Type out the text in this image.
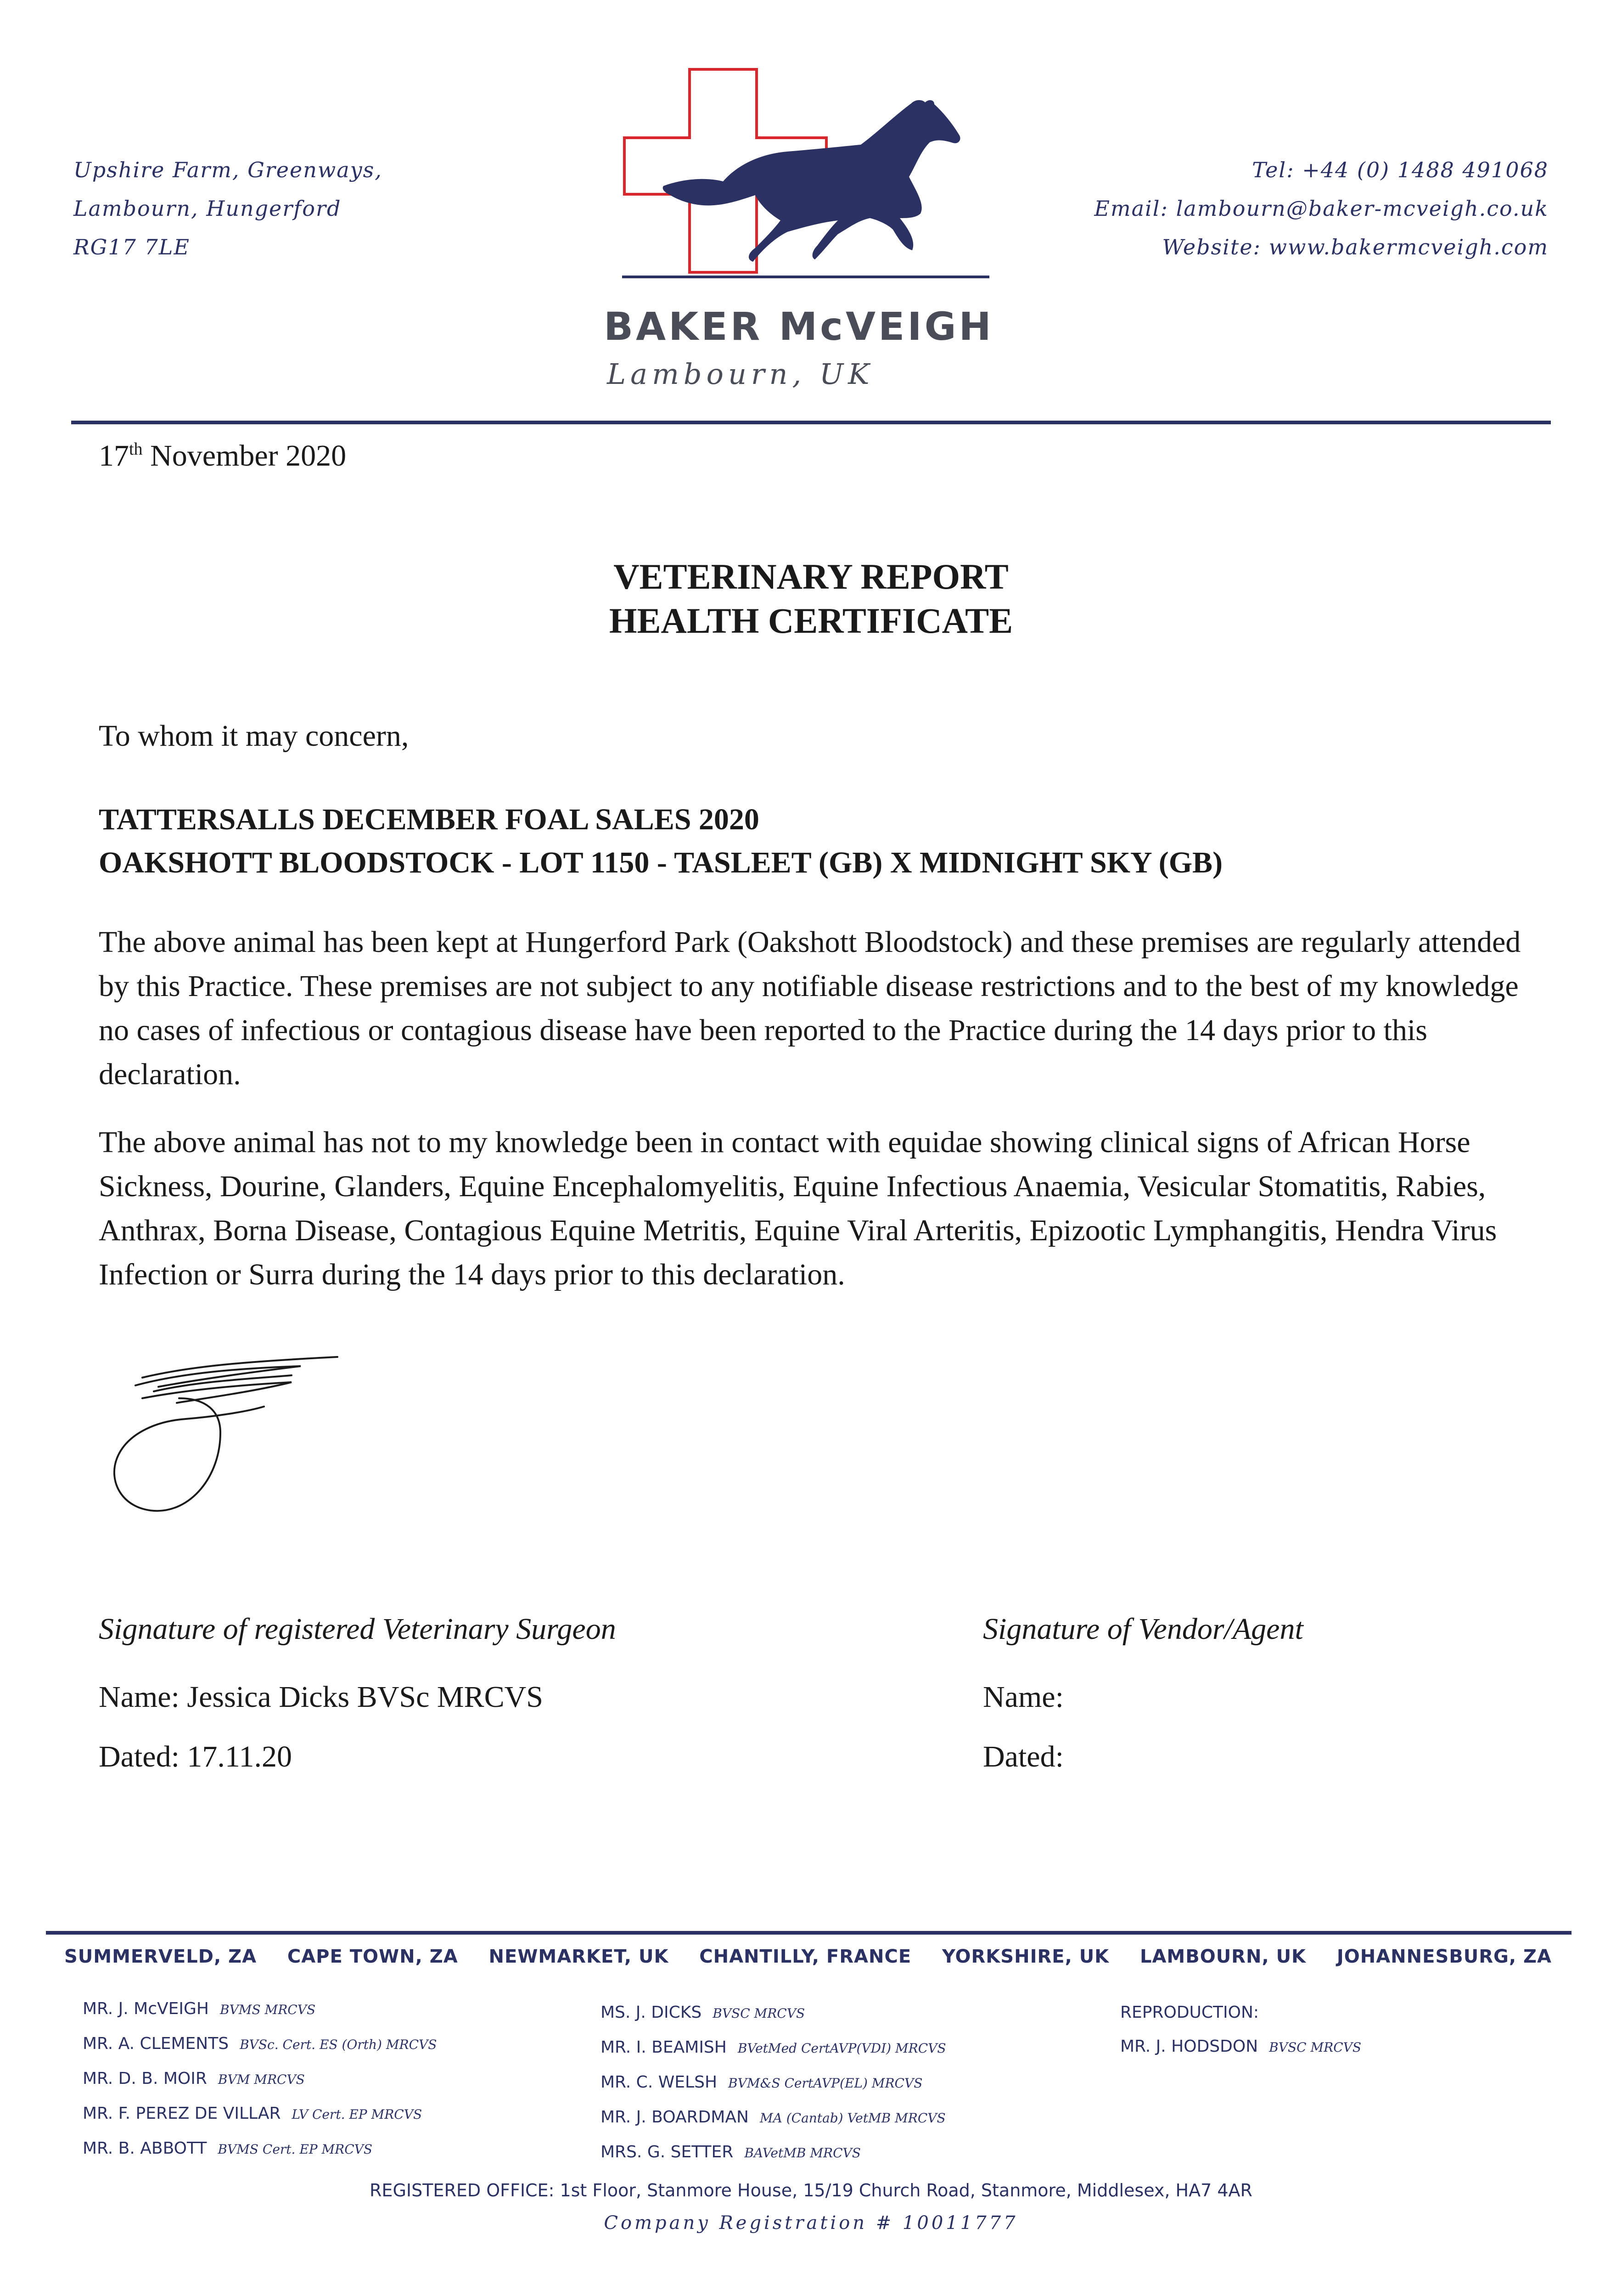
Upshire Farm, Greenways,
Lambourn, Hungerford
RG17 7LE
BAKER McVEIGH
Lambourn, UK
Tel: +44 (0) 1488 491068
Email: lambourn@baker-mcveigh.co.uk
Website: www.bakermcveigh.com
17th November 2020
VETERINARY REPORT
HEALTH CERTIFICATE
To whom it may concern,
TATTERSALLS DECEMBER FOAL SALES 2020
OAKSHOTT BLOODSTOCK - LOT 1150 - TASLEET (GB) X MIDNIGHT SKY (GB)
The above animal has been kept at Hungerford Park (Oakshott Bloodstock) and these premises are regularly attended by this Practice. These premises are not subject to any notifiable disease restrictions and to the best of my knowledge no cases of infectious or contagious disease have been reported to the Practice during the 14 days prior to this declaration.
The above animal has not to my knowledge been in contact with equidae showing clinical signs of African Horse Sickness, Dourine, Glanders, Equine Encephalomyelitis, Equine Infectious Anaemia, Vesicular Stomatitis, Rabies, Anthrax, Borna Disease, Contagious Equine Metritis, Equine Viral Arteritis, Epizootic Lymphangitis, Hendra Virus Infection or Surra during the 14 days prior to this declaration.
Signature of registered Veterinary Surgeon	Signature of Vendor/Agent
Name: Jessica Dicks BVSc MRCVS	Name:
Dated: 17.11.20	Dated:
SUMMERVELD, ZA CAPE TOWN, ZA NEWMARKET, UK CHANTILLY, FRANCE YORKSHIRE, UK LAMBOURN, UK JOHANNESBURG, ZA
MR. J. McVEIGH BVMS MRCVS
MR. A. CLEMENTS BVSc. Cert. ES (Orth) MRCVS
MR. D. B. MOIR BVM MRCVS
MR. F. PEREZ DE VILLAR LV Cert. EP MRCVS
MR. B. ABBOTT BVMS Cert. EP MRCVS
MS. J. DICKS BVSC MRCVS
MR. I. BEAMISH BVetMed CertAVP(VDI) MRCVS
MR. C. WELSH BVM&S CertAVP(EL) MRCVS
MR. J. BOARDMAN MA (Cantab) VetMB MRCVS
MRS. G. SETTER BAVetMB MRCVS
REPRODUCTION:
MR. J. HODSDON BVSC MRCVS
REGISTERED OFFICE: 1st Floor, Stanmore House, 15/19 Church Road, Stanmore, Middlesex, HA7 4AR
Company Registration # 10011777
